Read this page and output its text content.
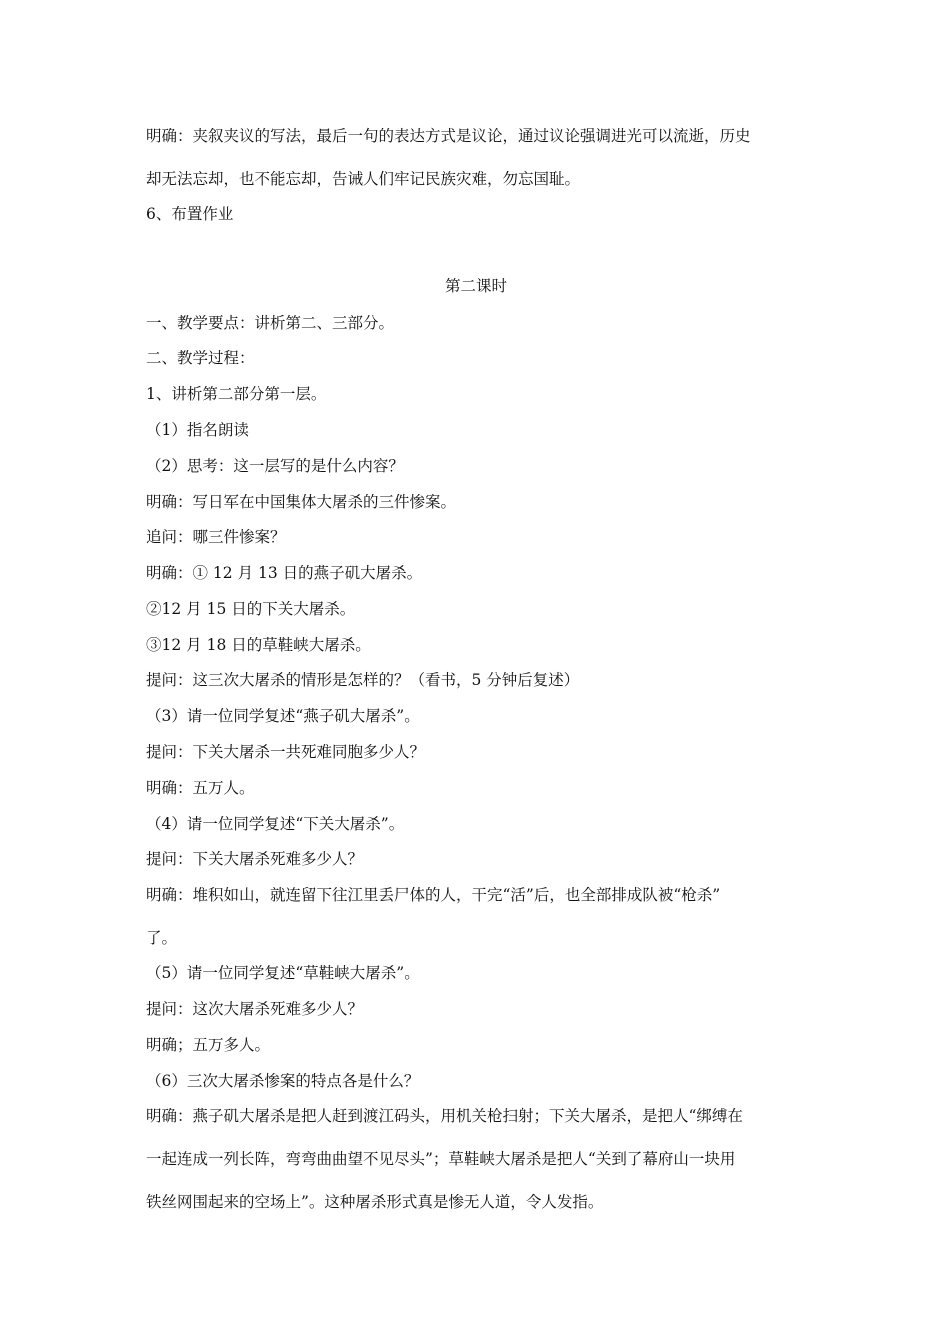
明确：夹叙夹议的写法，最后一句的表达方式是议论，通过议论强调进光可以流逝，历史
却无法忘却，也不能忘却，告诫人们牢记民族灾难，勿忘国耻。
6、布置作业
第二课时
一、教学要点：讲析第二、三部分。
二、教学过程：
1、讲析第二部分第一层。
（1）指名朗读
（2）思考：这一层写的是什么内容？
明确：写日军在中国集体大屠杀的三件惨案。
追问：哪三件惨案？
明确：① 12 月 13 日的燕子矶大屠杀。
②12 月 15 日的下关大屠杀。
③12 月 18 日的草鞋峡大屠杀。
提问：这三次大屠杀的情形是怎样的？（看书，5 分钟后复述）
（3）请一位同学复述“燕子矶大屠杀”。
提问：下关大屠杀一共死难同胞多少人？
明确：五万人。
（4）请一位同学复述“下关大屠杀”。
提问：下关大屠杀死难多少人？
明确：堆积如山，就连留下往江里丢尸体的人，干完“活”后，也全部排成队被“枪杀”
了。
（5）请一位同学复述“草鞋峡大屠杀”。
提问：这次大屠杀死难多少人？
明确；五万多人。
（6）三次大屠杀惨案的特点各是什么？
明确：燕子矶大屠杀是把人赶到渡江码头，用机关枪扫射；下关大屠杀，是把人“绑缚在
一起连成一列长阵，弯弯曲曲望不见尽头”；草鞋峡大屠杀是把人“关到了幕府山一块用
铁丝网围起来的空场上”。这种屠杀形式真是惨无人道，令人发指。
